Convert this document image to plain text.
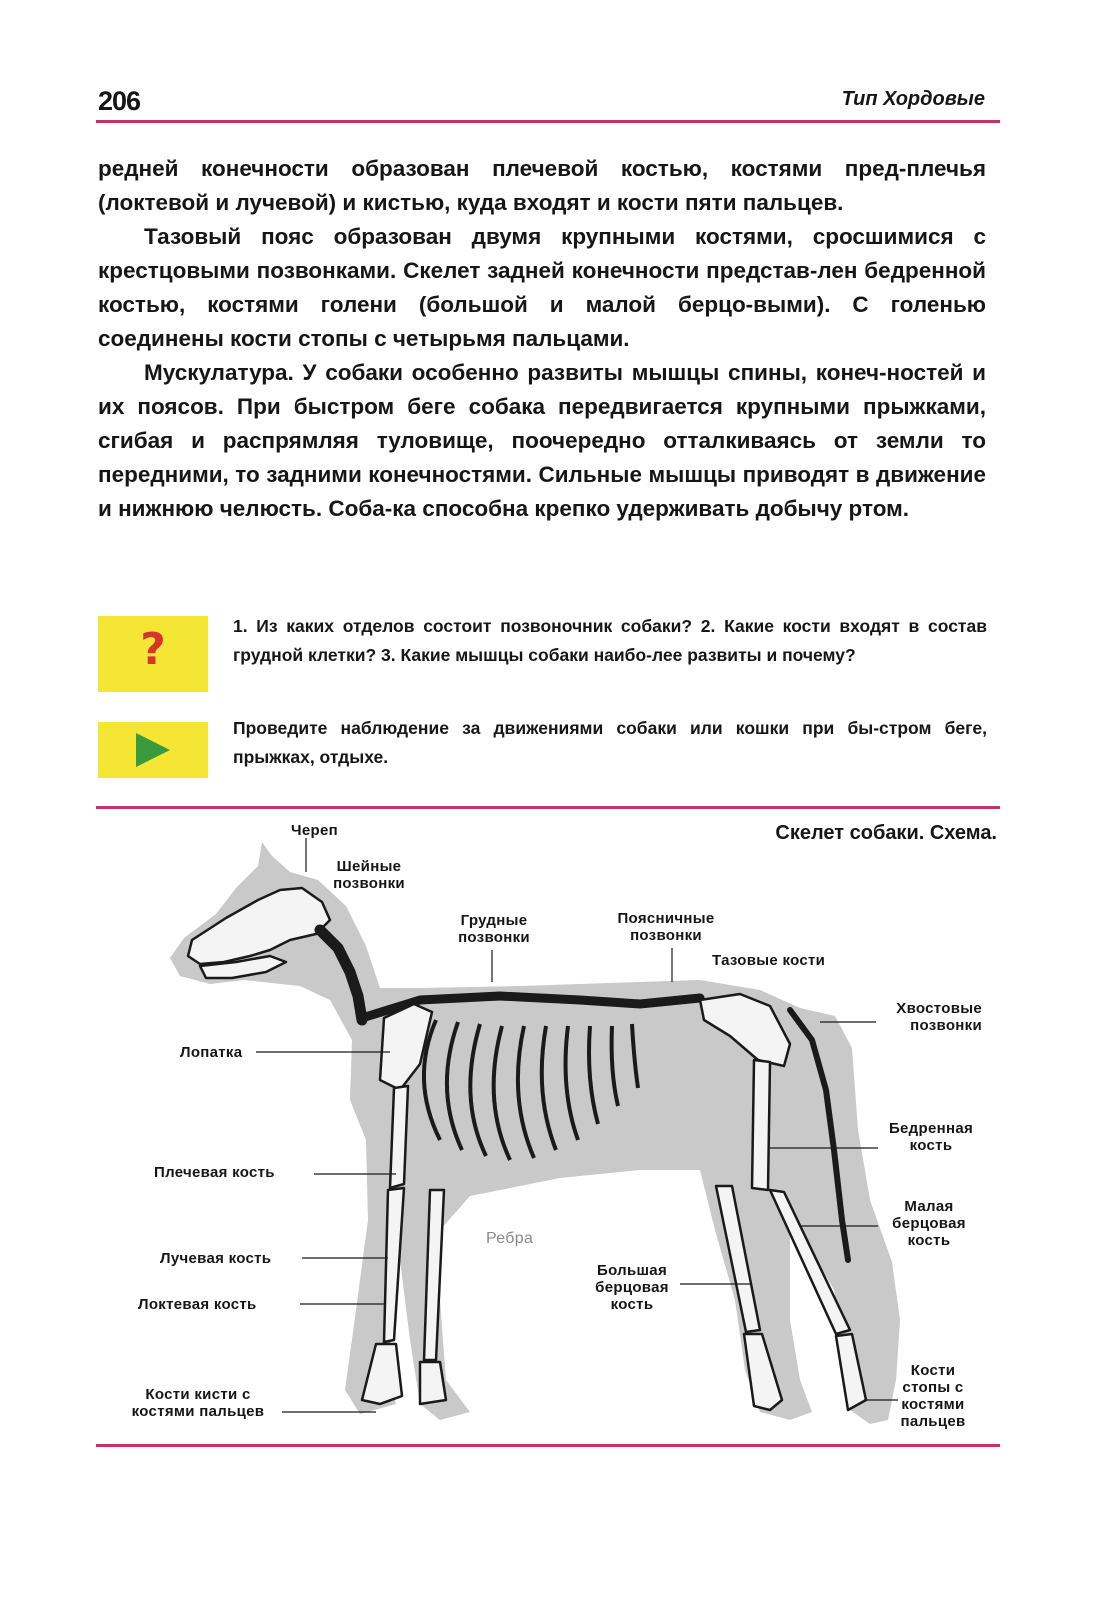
206	Тип Хордовые

редней конечности образован плечевой костью, костями пред-плечья (локтевой и лучевой) и кистью, куда входят и кости пяти пальцев.

Тазовый пояс образован двумя крупными костями, сросшимися с крестцовыми позвонками. Скелет задней конечности представ-лен бедренной костью, костями голени (большой и малой берцо-выми). С голенью соединены кости стопы с четырьмя пальцами.

Мускулатура. У собаки особенно развиты мышцы спины, конеч-ностей и их поясов. При быстром беге собака передвигается крупными прыжками, сгибая и распрямляя туловище, поочередно отталкиваясь от земли то передними, то задними конечностями. Сильные мышцы приводят в движение и нижнюю челюсть. Соба-ка способна крепко удерживать добычу ртом.

?	1. Из каких отделов состоит позвоночник собаки? 2. Какие кости входят в состав грудной клетки? 3. Какие мышцы собаки наибо-лее развиты и почему?

Проведите наблюдение за движениями собаки или кошки при бы-стром беге, прыжках, отдыхе.

Скелет собаки. Схема.
Череп
Шейные позвонки
Грудные позвонки
Поясничные позвонки
Тазовые кости
Хвостовые позвонки
Лопатка
Бедренная кость
Плечевая кость
Малая берцовая кость
Ребра
Лучевая кость
Большая берцовая кость
Локтевая кость
Кости стопы с костями пальцев
Кости кисти с костями пальцев
